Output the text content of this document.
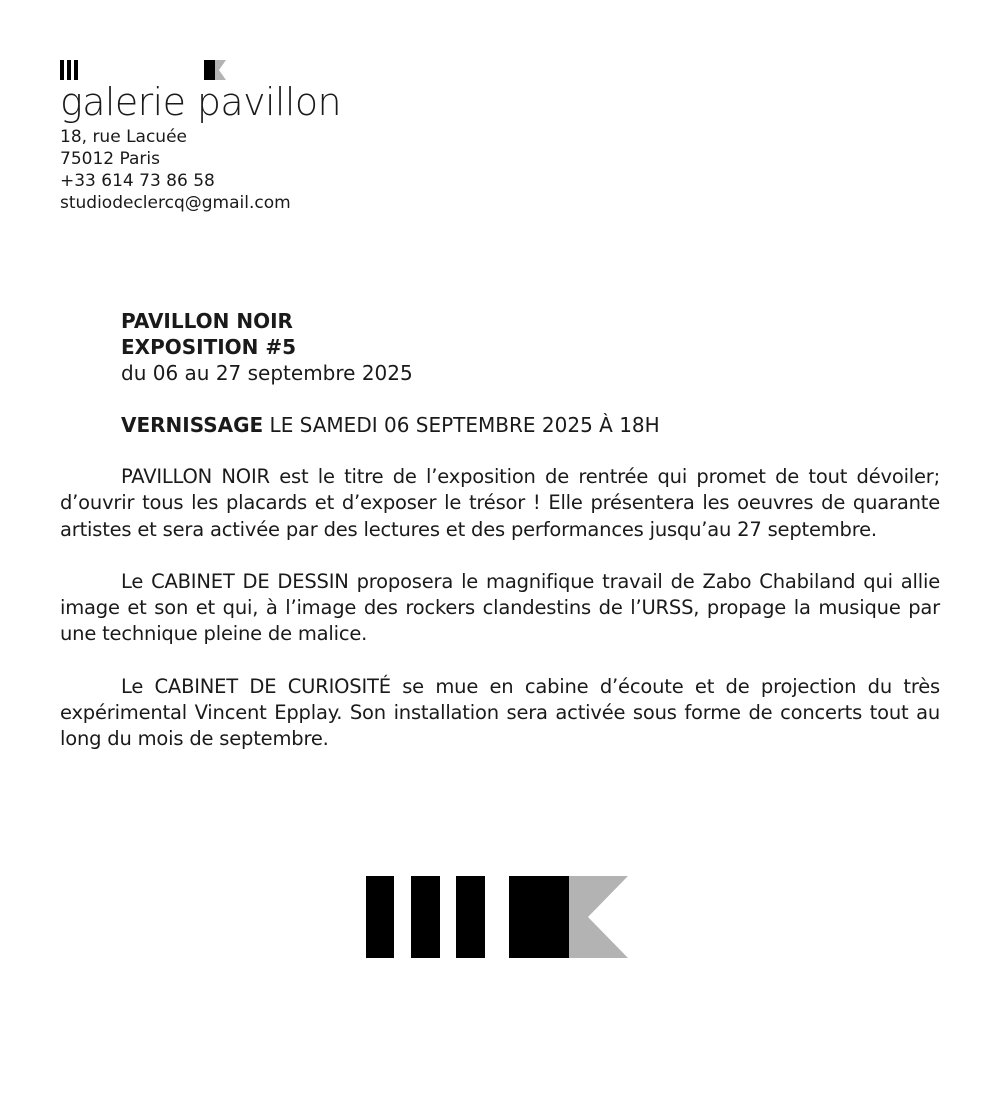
galerie pavillon
18, rue Lacuée
75012 Paris
+33 614 73 86 58
studiodeclercq@gmail.com
PAVILLON NOIR
EXPOSITION #5
du 06 au 27 septembre 2025
VERNISSAGE LE SAMEDI 06 SEPTEMBRE 2025 À 18H

PAVILLON NOIR est le titre de l’exposition de rentrée qui promet de tout dévoiler; d’ouvrir tous les placards et d’exposer le trésor ! Elle présentera les oeuvres de quarante artistes et sera activée par des lectures et des performances jusqu’au 27 septembre.

Le CABINET DE DESSIN proposera le magnifique travail de Zabo Chabiland qui allie image et son et qui, à l’image des rockers clandestins de l’URSS, propage la musique par une technique pleine de malice.

Le CABINET DE CURIOSITÉ se mue en cabine d’écoute et de projection du très expérimental Vincent Epplay. Son installation sera activée sous forme de concerts tout au long du mois de septembre.
